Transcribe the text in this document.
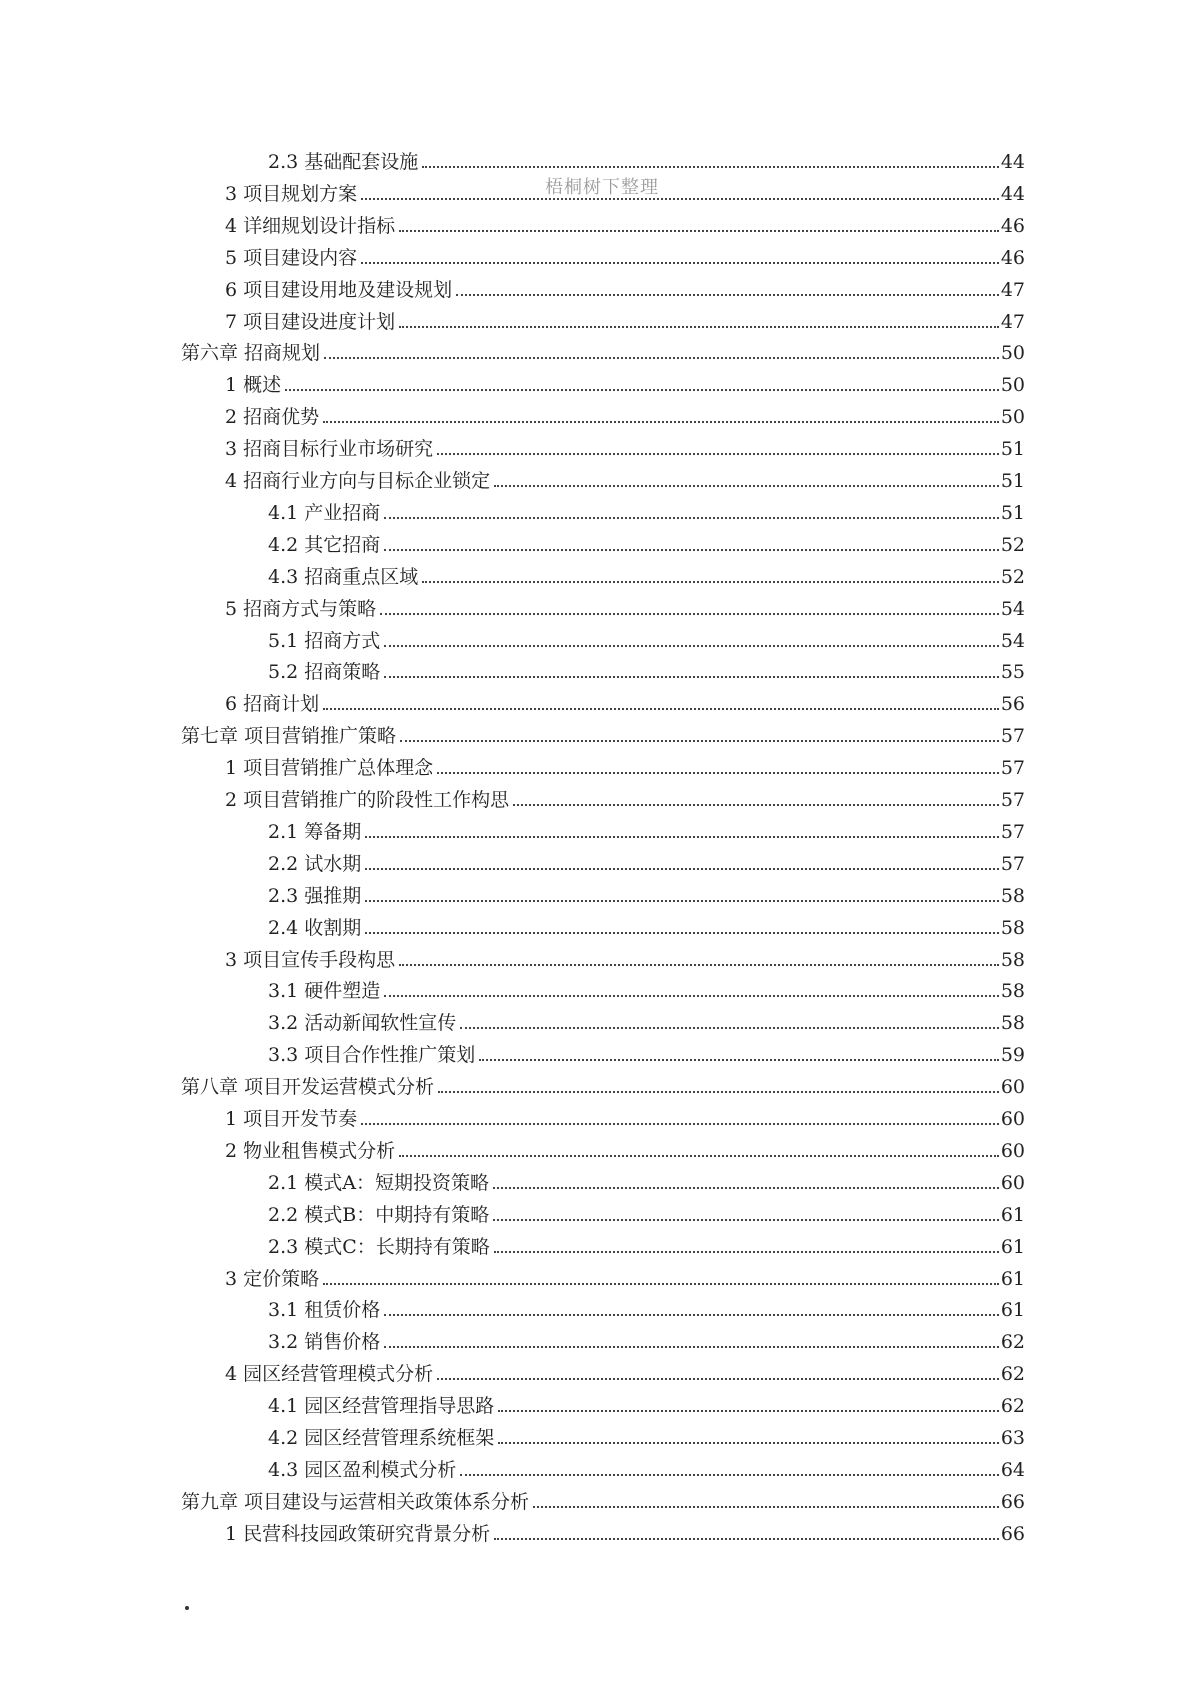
梧桐树下整理
2.3 基础配套设施	44
3 项目规划方案	44
4 详细规划设计指标	46
5 项目建设内容	46
6 项目建设用地及建设规划	47
7 项目建设进度计划	47
第六章 招商规划	50
1 概述	50
2 招商优势	50
3 招商目标行业市场研究	51
4 招商行业方向与目标企业锁定	51
4.1 产业招商	51
4.2 其它招商	52
4.3 招商重点区域	52
5 招商方式与策略	54
5.1 招商方式	54
5.2 招商策略	55
6 招商计划	56
第七章 项目营销推广策略	57
1 项目营销推广总体理念	57
2 项目营销推广的阶段性工作构思	57
2.1 筹备期	57
2.2 试水期	57
2.3 强推期	58
2.4 收割期	58
3 项目宣传手段构思	58
3.1 硬件塑造	58
3.2 活动新闻软性宣传	58
3.3 项目合作性推广策划	59
第八章 项目开发运营模式分析	60
1 项目开发节奏	60
2 物业租售模式分析	60
2.1 模式A：短期投资策略	60
2.2 模式B：中期持有策略	61
2.3 模式C：长期持有策略	61
3 定价策略	61
3.1 租赁价格	61
3.2 销售价格	62
4 园区经营管理模式分析	62
4.1 园区经营管理指导思路	62
4.2 园区经营管理系统框架	63
4.3 园区盈利模式分析	64
第九章 项目建设与运营相关政策体系分析	66
1 民营科技园政策研究背景分析	66
